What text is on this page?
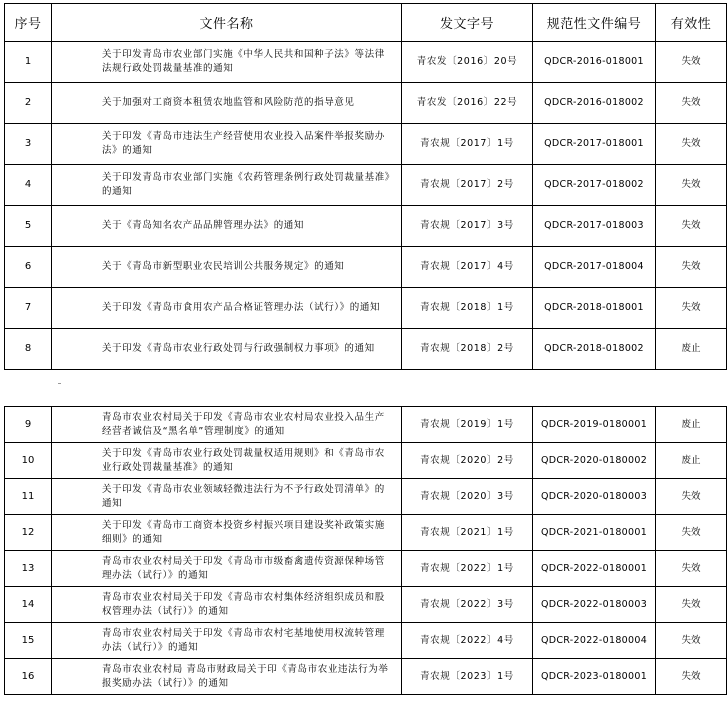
序号	文件名称	发文字号	规范性文件编号	有效性
1	关于印发青岛市农业部门实施《中华人民共和国种子法》等法律法规行政处罚裁量基准的通知	青农发〔2016〕20号	QDCR-2016-018001	失效
2	关于加强对工商资本租赁农地监管和风险防范的指导意见	青农发〔2016〕22号	QDCR-2016-018002	失效
3	关于印发《青岛市违法生产经营使用农业投入品案件举报奖励办法》的通知	青农规〔2017〕1号	QDCR-2017-018001	失效
4	关于印发青岛市农业部门实施《农药管理条例行政处罚裁量基准》的通知	青农规〔2017〕2号	QDCR-2017-018002	失效
5	关于《青岛知名农产品品牌管理办法》的通知	青农规〔2017〕3号	QDCR-2017-018003	失效
6	关于《青岛市新型职业农民培训公共服务规定》的通知	青农规〔2017〕4号	QDCR-2017-018004	失效
7	关于印发《青岛市食用农产品合格证管理办法（试行）》的通知	青农规〔2018〕1号	QDCR-2018-018001	失效
8	关于印发《青岛市农业行政处罚与行政强制权力事项》的通知	青农规〔2018〕2号	QDCR-2018-018002	废止
9	青岛市农业农村局关于印发《青岛市农业农村局农业投入品生产经营者诚信及“黑名单”管理制度》的通知	青农规〔2019〕1号	QDCR-2019-0180001	废止
10	关于印发《青岛市农业行政处罚裁量权适用规则》和《青岛市农业行政处罚裁量基准》的通知	青农规〔2020〕2号	QDCR-2020-0180002	废止
11	关于印发《青岛市农业领域轻微违法行为不予行政处罚清单》的通知	青农规〔2020〕3号	QDCR-2020-0180003	失效
12	关于印发《青岛市工商资本投资乡村振兴项目建设奖补政策实施细则》的通知	青农规〔2021〕1号	QDCR-2021-0180001	失效
13	青岛市农业农村局关于印发《青岛市市级畜禽遗传资源保种场管理办法（试行）》的通知	青农规〔2022〕1号	QDCR-2022-0180001	失效
14	青岛市农业农村局关于印发《青岛市农村集体经济组织成员和股权管理办法（试行）》的通知	青农规〔2022〕3号	QDCR-2022-0180003	失效
15	青岛市农业农村局关于印发《青岛市农村宅基地使用权流转管理办法（试行）》的通知	青农规〔2022〕4号	QDCR-2022-0180004	失效
16	青岛市农业农村局 青岛市财政局关于印《青岛市农业违法行为举报奖励办法（试行）》的通知	青农规〔2023〕1号	QDCR-2023-0180001	失效
